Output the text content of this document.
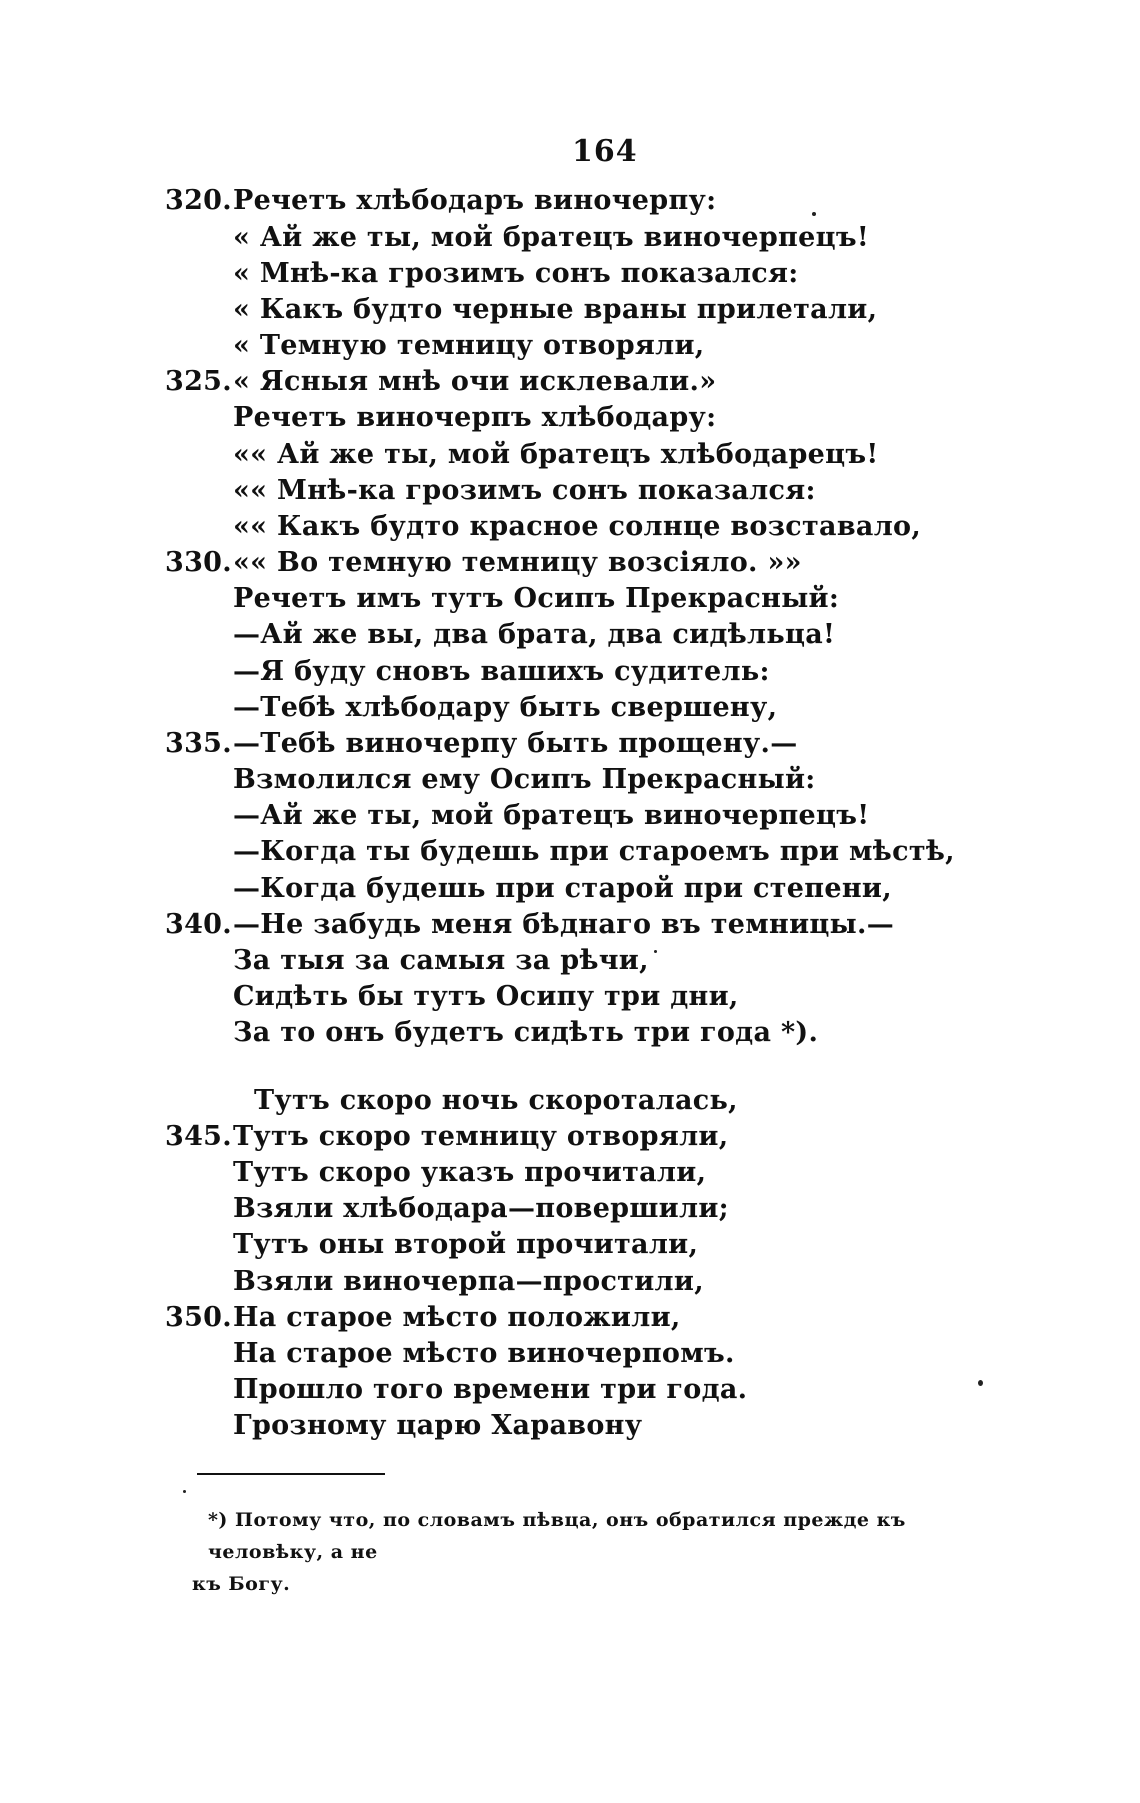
164
320. Речетъ хлѣбодаръ виночерпу:
« Ай же ты, мой братецъ виночерпецъ!
« Мнѣ-ка грозимъ сонъ показался:
« Какъ будто черные враны прилетали,
« Темную темницу отворяли,
325. « Ясныя мнѣ очи исклевали.»
Речетъ виночерпъ хлѣбодару:
«« Ай же ты, мой братецъ хлѣбодарецъ!
«« Мнѣ-ка грозимъ сонъ показался:
«« Какъ будто красное солнце возставало,
330. «« Во темную темницу возсіяло. »»
Речетъ имъ тутъ Осипъ Прекрасный:
—Ай же вы, два брата, два сидѣльца!
—Я буду сновъ вашихъ судитель:
—Тебѣ хлѣбодару быть свершену,
335. —Тебѣ виночерпу быть прощену.—
Взмолился ему Осипъ Прекрасный:
—Ай же ты, мой братецъ виночерпецъ!
—Когда ты будешь при староемъ при мѣстѣ,
—Когда будешь при старой при степени,
340. —Не забудь меня бѣднаго въ темницы.—
За тыя за самыя за рѣчи,
Сидѣть бы тутъ Осипу три дни,
За то онъ будетъ сидѣть три года *).
Тутъ скоро ночь скороталась,
345. Тутъ скоро темницу отворяли,
Тутъ скоро указъ прочитали,
Взяли хлѣбодара—повершили;
Тутъ оны второй прочитали,
Взяли виночерпа—простили,
350. На старое мѣсто положили,
На старое мѣсто виночерпомъ.
Прошло того времени три года.
Грозному царю Харавону
*) Потому что, по словамъ пѣвца, онъ обратился прежде къ человѣку, а не
къ Богу.
